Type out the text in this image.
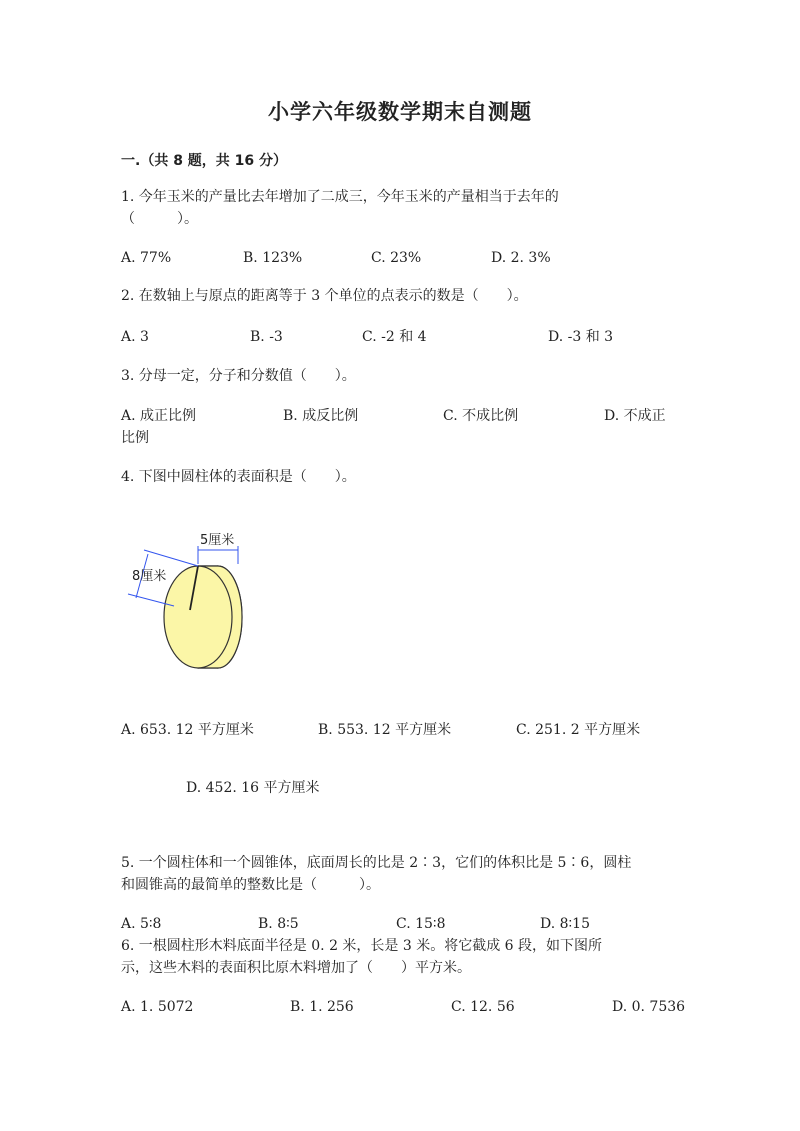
小学六年级数学期末自测题
一.（共 8 题，共 16 分）
1. 今年玉米的产量比去年增加了二成三，今年玉米的产量相当于去年的
（　　　）。
A. 77%	B. 123%	C. 23%	D. 2. 3%
2. 在数轴上与原点的距离等于 3 个单位的点表示的数是（　　）。
A. 3	B. -3	C. -2 和 4	D. -3 和 3
3. 分母一定，分子和分数值（　　）。
A. 成正比例	B. 成反比例	C. 不成比例	D. 不成正
比例
4. 下图中圆柱体的表面积是（　　）。
5厘米
8厘米
A. 653. 12 平方厘米	B. 553. 12 平方厘米	C. 251. 2 平方厘米
D. 452. 16 平方厘米
5. 一个圆柱体和一个圆锥体，底面周长的比是 2∶3，它们的体积比是 5∶6，圆柱
和圆锥高的最简单的整数比是（　　　）。
A. 5∶8	B. 8∶5	C. 15∶8	D. 8∶15
6. 一根圆柱形木料底面半径是 0. 2 米，长是 3 米。将它截成 6 段，如下图所
示，这些木料的表面积比原木料增加了（　　）平方米。
A. 1. 5072	B. 1. 256	C. 12. 56	D. 0. 7536
